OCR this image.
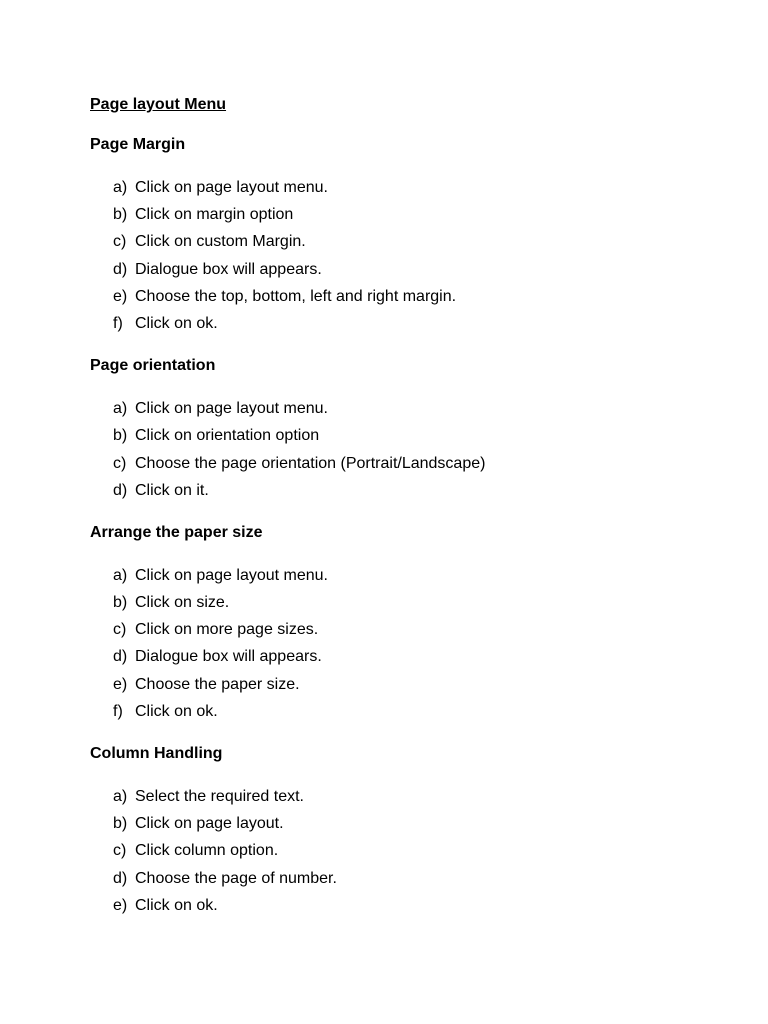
Page layout Menu
Page Margin
a) Click on page layout menu.
b) Click on margin option
c) Click on custom Margin.
d) Dialogue box will appears.
e) Choose the top, bottom, left and right margin.
f) Click on ok.
Page orientation
a) Click on page layout menu.
b) Click on orientation option
c) Choose the page orientation (Portrait/Landscape)
d) Click on it.
Arrange the paper size
a) Click on page layout menu.
b) Click on size.
c) Click on more page sizes.
d) Dialogue box will appears.
e) Choose the paper size.
f) Click on ok.
Column Handling
a) Select the required text.
b) Click on page layout.
c) Click column option.
d) Choose the page of number.
e) Click on ok.
